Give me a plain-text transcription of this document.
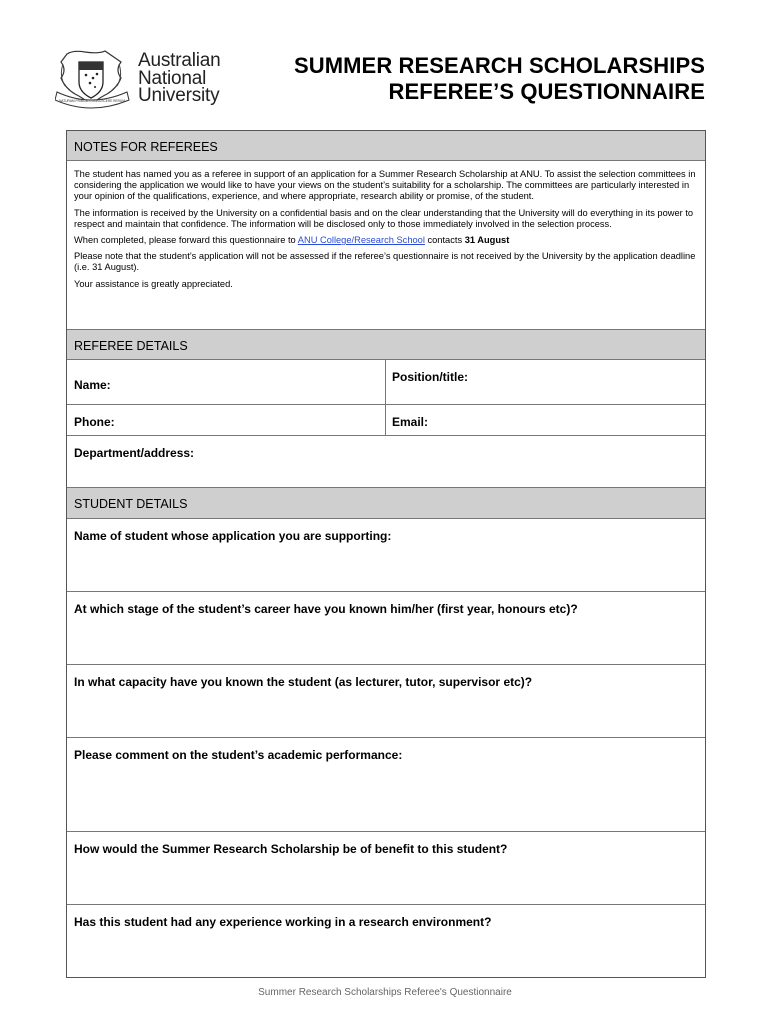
NATURAM PRIMUM COGNOSCERE RERUM
Australian
National
University
SUMMER RESEARCH SCHOLARSHIPS
REFEREE’S QUESTIONNAIRE
NOTES FOR REFEREES

The student has named you as a referee in support of an application for a Summer Research Scholarship at ANU. To assist the selection committees in considering the application we would like to have your views on the student’s suitability for a scholarship. The committees are particularly interested in your opinion of the qualifications, experience, and where appropriate, research ability or promise, of the student.

The information is received by the University on a confidential basis and on the clear understanding that the University will do everything in its power to respect and maintain that confidence. The information will be disclosed only to those immediately involved in the selection process.

When completed, please forward this questionnaire to ANU College/Research School contacts 31 August

Please note that the student’s application will not be assessed if the referee’s questionnaire is not received by the University by the application deadline (i.e. 31 August).

Your assistance is greatly appreciated.

REFEREE DETAILS
Name:
Position/title:
Phone:	Email:
Department/address:
STUDENT DETAILS
Name of student whose application you are supporting:
At which stage of the student’s career have you known him/her (first year, honours etc)?
In what capacity have you known the student (as lecturer, tutor, supervisor etc)?
Please comment on the student’s academic performance:
How would the Summer Research Scholarship be of benefit to this student?
Has this student had any experience working in a research environment?
Summer Research Scholarships Referee's Questionnaire
